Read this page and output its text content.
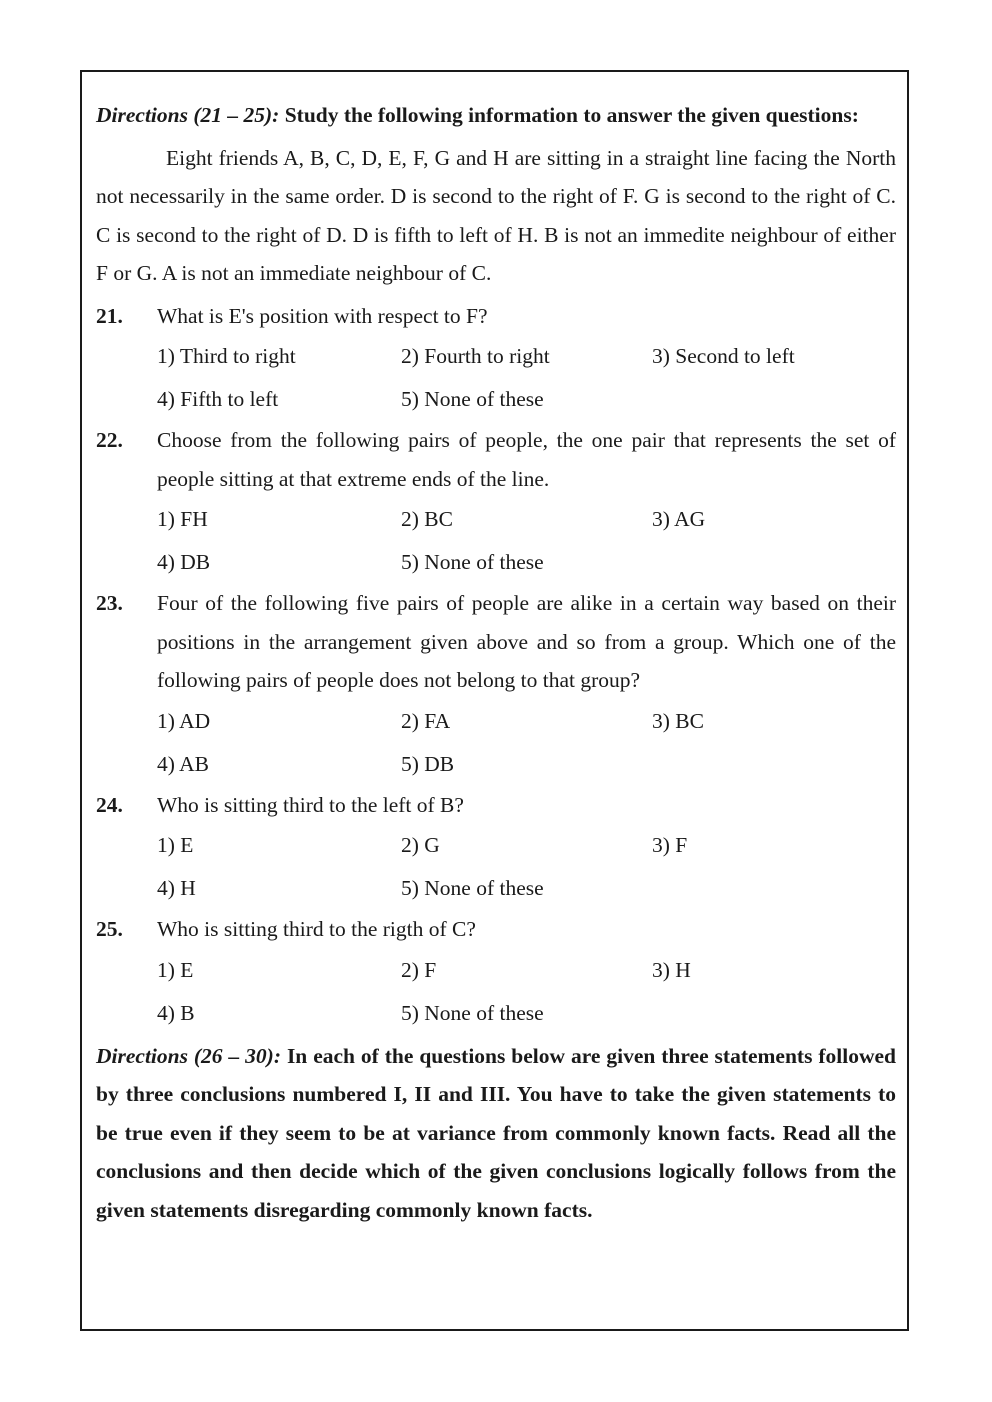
Directions (21 – 25): Study the following information to answer the given questions:

Eight friends A, B, C, D, E, F, G and H are sitting in a straight line facing the North not necessarily in the same order. D is second to the right of F. G is second to the right of C. C is second to the right of D. D is fifth to left of H. B is not an immedite neighbour of either F or G. A is not an immediate neighbour of C.

21. What is E's position with respect to F?
1) Third to right	2) Fourth to right	3) Second to left
4) Fifth to left	5) None of these
22. Choose from the following pairs of people, the one pair that represents the set of people sitting at that extreme ends of the line.
1) FH	2) BC	3) AG
4) DB	5) None of these
23. Four of the following five pairs of people are alike in a certain way based on their positions in the arrangement given above and so from a group. Which one of the following pairs of people does not belong to that group?
1) AD	2) FA	3) BC
4) AB	5) DB
24. Who is sitting third to the left of B?
1) E	2) G	3) F
4) H	5) None of these
25. Who is sitting third to the rigth of C?
1) E	2) F	3) H
4) B	5) None of these

Directions (26 – 30): In each of the questions below are given three statements followed by three conclusions numbered I, II and III. You have to take the given statements to be true even if they seem to be at variance from commonly known facts. Read all the conclusions and then decide which of the given conclusions logically follows from the given statements disregarding commonly known facts.
